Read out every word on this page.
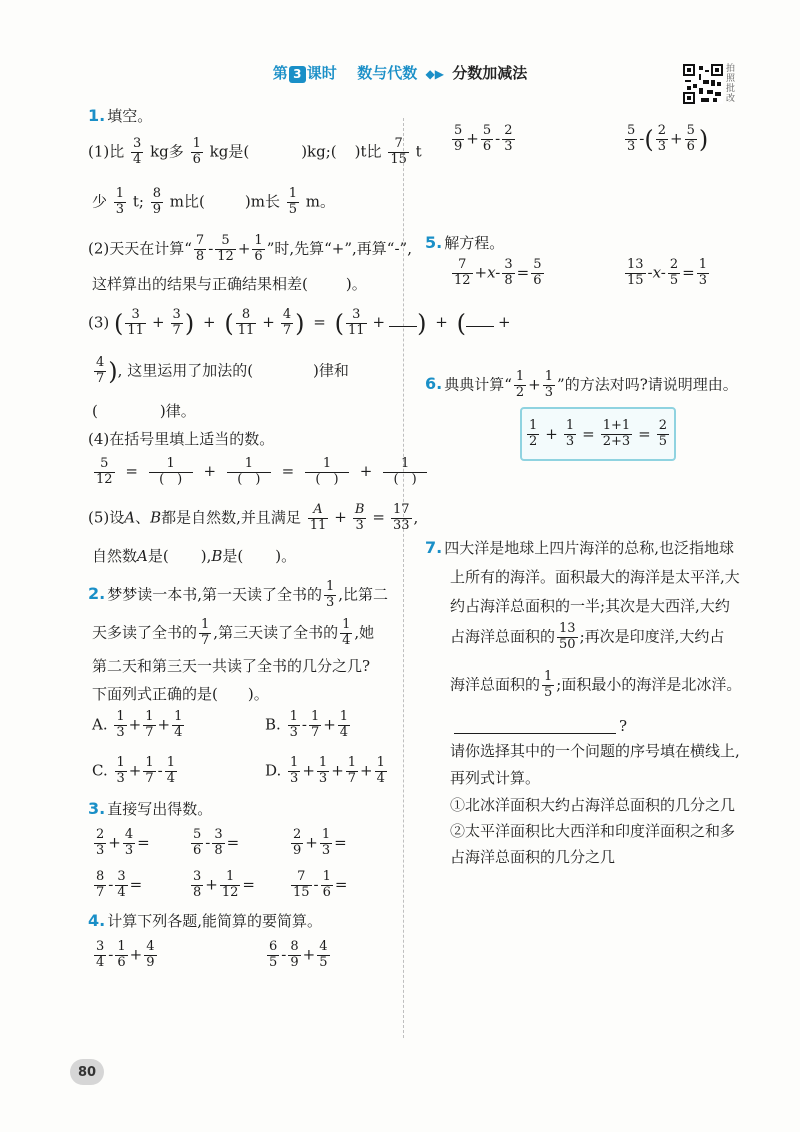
第 3 课时 数与代数 ◆▶ 分数加减法	拍照批改
1. 填空。
(1)比 $\frac{3}{4}$ kg多 $\frac{1}{6}$ kg是(	)kg;( )t比 $\frac{7}{15}$ t
少 $\frac{1}{3} t$; $\frac{8}{9}$ m比(	)m长 $\frac{1}{5}$ m。
(2)天天在计算“ $\frac{7}{8} - \frac{5}{12} + \frac{1}{6}$ ”时,先算“+”,再算“-”,
这样算出的结果与正确结果相差(	)。
(3) ( $\frac{3}{11} + \frac{3}{7}$ ) + ( $\frac{8}{11} + \frac{4}{7}$ ) = ( $\frac{3}{11}$ + ) + ( +
$\frac{4}{7}$ ), 这里运用了加法的(	)律和
(	)律。
(4)在括号里填上适当的数。
$\frac{5}{12} = 1$
(　)	+ 1
(　)	= 1
(　)	+ 1
(　)
(5)设A、B都是自然数,并且满足 $\frac{A}{11} + \frac{B}{3} = \frac{17}{33}$ ,
自然数A是( ),B是( )。
2. 梦梦读一本书,第一天读了全书的 $\frac{1}{3}$ ,比第二
天多读了全书的 $\frac{1}{7}$ ,第三天读了全书的 $\frac{1}{4}$ ,她
第二天和第三天一共读了全书的几分之几?
下面列式正确的是( )。
A. $\frac{1}{3} + \frac{1}{7} + \frac{1}{4}$	B. $\frac{1}{3} - \frac{1}{7} + \frac{1}{4}$
C. $\frac{1}{3} + \frac{1}{7} - \frac{1}{4}$	D. $\frac{1}{3} + \frac{1}{3} + \frac{1}{7} + \frac{1}{4}$
3. 直接写出得数。
$\frac{2}{3} + \frac{4}{3}$ =	$\frac{5}{6} - \frac{3}{8}$ =	$\frac{2}{9} + \frac{1}{3}$ =
$\frac{8}{7} - \frac{3}{4}$ =	$\frac{3}{8} + \frac{1}{12}$ =	$\frac{7}{15} - \frac{1}{6}$ =
4. 计算下列各题,能简算的要简算。
$\frac{3}{4} - \frac{1}{6} + \frac{4}{9}$	$\frac{6}{5} - \frac{8}{9} + \frac{4}{5}$
$\frac{5}{9} + \frac{5}{6} - \frac{2}{3}$	$\frac{5}{3}$ -( $\frac{2}{3} + \frac{5}{6}$ )
5. 解方程。
$\frac{7}{12} +x- \frac{3}{8} = \frac{5}{6}$	$\frac{13}{15} -x- \frac{2}{5} = \frac{1}{3}$
6. 典典计算“ $\frac{1}{2} + \frac{1}{3}$ ”的方法对吗?请说明理由。
$\frac{1}{2} + \frac{1}{3} = \frac{1+1}{2+3} = \frac{2}{5}$
7. 四大洋是地球上四片海洋的总称,也泛指地球
上所有的海洋。面积最大的海洋是太平洋,大
约占海洋总面积的一半;其次是大西洋,大约
占海洋总面积的 $\frac{13}{50}$ ;再次是印度洋,大约占
海洋总面积的 $\frac{1}{5}$ ;面积最小的海洋是北冰洋。
?
请你选择其中的一个问题的序号填在横线上,
再列式计算。
①北冰洋面积大约占海洋总面积的几分之几
②太平洋面积比大西洋和印度洋面积之和多
占海洋总面积的几分之几
80
